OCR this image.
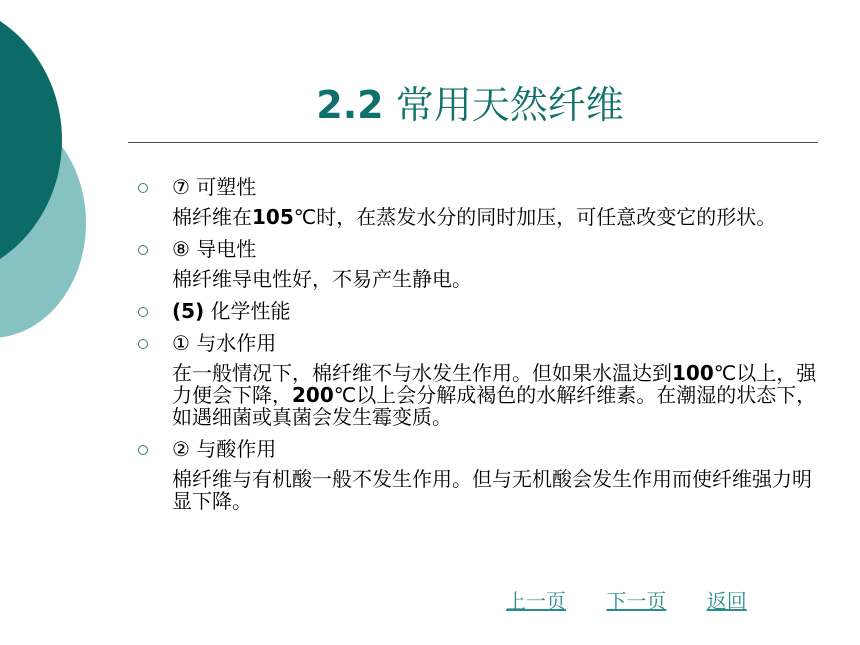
2.2 常用天然纤维
⑦ 可塑性
棉纤维在105℃时，在蒸发水分的同时加压，可任意改变它的形状。
⑧ 导电性
棉纤维导电性好，不易产生静电。
(5) 化学性能
① 与水作用
在一般情况下，棉纤维不与水发生作用。但如果水温达到100℃以上，强力便会下降，200℃以上会分解成褐色的水解纤维素。在潮湿的状态下，如遇细菌或真菌会发生霉变质。
② 与酸作用
棉纤维与有机酸一般不发生作用。但与无机酸会发生作用而使纤维强力明显下降。
上一页 下一页 返回
